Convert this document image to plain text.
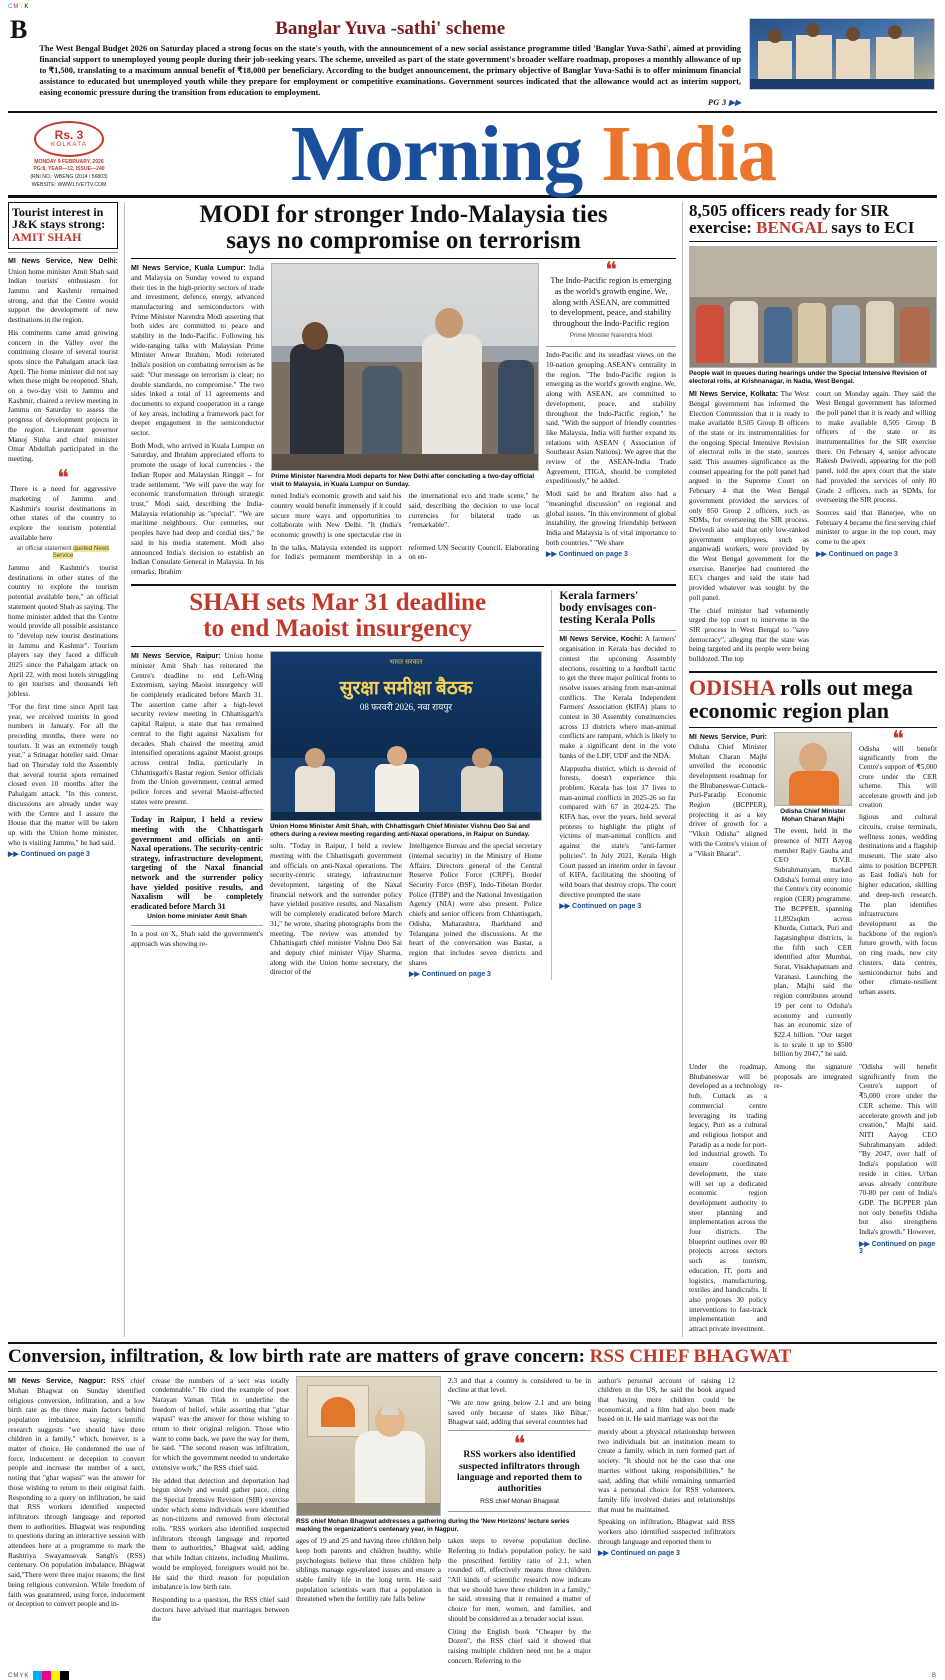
CMYK
B	Banglar Yuva -sathi' scheme

The West Bengal Budget 2026 on Saturday placed a strong focus on the state's youth, with the announcement of a new social assistance programme titled 'Banglar Yuva-Sathi', aimed at providing financial support to unemployed young people during their job-seeking years. The scheme, unveiled as part of the state government's broader welfare roadmap, proposes a monthly allowance of up to ₹1,500, translating to a maximum annual benefit of ₹18,000 per beneficiary. According to the budget announcement, the primary objective of Banglar Yuva-Sathi is to offer minimum financial assistance to educated but unemployed youth while they prepare for employment or competitive examinations. Government sources indicated that the allowance would act as interim support, easing economic pressure during the transition from education to employment.

PG 3 ▶▶
Rs. 3
KOLKATA
MONDAY 9 FEBRUARY, 2026
PG:8, YEAR—12, ISSUE—240
(RNI NO.: WBENG /2014 / 56803)
WEBSITE: WWW.LIVE7TV.COM	Morning India
Tourist interest in
J&K stays strong:
AMIT SHAH

MI News Service, New Delhi: Union home minister Amit Shah said Indian tourists' enthusiasm for Jammu and Kashmir remained strong, and that the Centre would support the development of new destinations in the region.

His comments came amid growing concern in the Valley over the continuing closure of several tourist spots since the Pahalgam attack last April. The home minister did not say when these might be reopened. Shah, on a two-day visit to Jammu and Kashmir, chaired a review meeting in Jammu on Saturday to assess the progress of development projects in the region. Lieutenant governor Manoj Sinha and chief minister Omar Abdullah participated in the meeting.

❝
There is a need for aggressive marketing of Jammu and Kashmir's tourist destinations in other states of the country to explore the tourism potential available here
an official statement quoted News Service

Jammu and Kashmir's tourist destinations in other states of the country to explore the tourism potential available here," an official statement quoted Shah as saying. The home minister added that the Centre would provide all possible assistance to "develop new tourist destinations in Jammu and Kashmir". Tourism players say they faced a difficult 2025 since the Pahalgam attack on April 22, with most hotels struggling to get tourists and thousands left jobless.

"For the first time since April last year, we received tourists in good numbers in January. For all the preceding months, there were no tourists. It was an extremely tough year," a Srinagar hotelier said. Omar had on Thursday told the Assembly that several tourist spots remained closed even 10 months after the Pahalgam attack. "In this context, discussions are already under way with the Centre and I assure the House that the matter will be taken up with the Union home minister, who is visiting Jammu," he had said.

▶▶ Continued on page 3
MODI for stronger Indo-Malaysia ties
says no compromise on terrorism

MI News Service, Kuala Lumpur: India and Malaysia on Sunday vowed to expand their ties in the high-priority sectors of trade and investment, defence, energy, advanced manufacturing and semiconductors with Prime Minister Narendra Modi asserting that both sides are committed to peace and stability in the Indo-Pacific. Following his wide-ranging talks with Malaysian Prime Minister Anwar Ibrahim, Modi reiterated India's position on combating terrorism as he said: "Our message on terrorism is clear; no double standards, no compromise." The two sides inked a total of 11 agreements and documents to expand cooperation in a range of key areas, including a framework pact for deeper engagement in the semiconductor sector.

Both Modi, who arrived in Kuala Lumpur on Saturday, and Ibrahim appreciated efforts to promote the usage of local currencies - the Indian Rupee and Malaysian Ringgit -- for trade settlement. "We will pave the way for economic transformation through strategic trust," Modi said, describing the India-Malaysia relationship as "special". "We are maritime neighbours. Our centuries, our peoples have had deep and cordial ties," he said in his media statement. Modi also announced India's decision to establish an Indian Consulate General in Malaysia. In his remarks, Ibrahim

Prime Minister Narendra Modi departs for New Delhi after concluding a two-day official visit to Malaysia, in Kuala Lumpur on Sunday.

noted India's economic growth and said his country would benefit immensely if it could secure more ways and opportunities to collaborate with New Delhi. "It (India's economic growth) is one spectacular rise in the international eco and trade scene," he said, describing the decision to use local currencies for bilateral trade as "remarkable".

In the talks, Malaysia extended its support for India's permanent membership in a reformed UN Security Council. Elaborating on en-

❝
The Indo-Pacific region is emerging as the world's growth engine. We, along with ASEAN, are committed to development, peace, and stability throughout the Indo-Pacific region
Prime Minister Narendra Modi

Indo-Pacific and its steadfast views on the 10-nation grouping ASEAN's centrality in the region. "The Indo-Pacific region is emerging as the world's growth engine. We, along with ASEAN, are committed to development, peace, and stability throughout the Indo-Pacific region," he said. "With the support of friendly countries like Malaysia, India will further expand its relations with ASEAN ( Association of Southeast Asian Nations). We agree that the review of the ASEAN-India Trade Agreement, ITIGA, should be completed expeditiously," he added.

Modi said he and Ibrahim also had a "meaningful discussion" on regional and global issues. "In this environment of global instability, the growing friendship between India and Malaysia is of vital importance to both countries." "We share

▶▶ Continued on page 3
SHAH sets Mar 31 deadline
to end Maoist insurgency

MI News Service, Raipur: Union home minister Amit Shah has reiterated the Centre's deadline to end Left-Wing Extremism, saying Maoist insurgency will be completely eradicated before March 31. The assertion came after a high-level security review meeting in Chhattisgarh's capital Raipur, a state that has remained central to the fight against Naxalism for decades. Shah chaired the meeting amid intensified operations against Maoist groups across central India, particularly in Chhattisgarh's Bastar region. Senior officials from the Union government, central armed police forces and several Maoist-affected states were present.

Today in Raipur, I held a review meeting with the Chhattisgarh government and officials on anti-Naxal operations. The security-centric strategy, infrastructure development, targeting of the Naxal financial network and the surrender policy have yielded positive results, and Naxalism will be completely eradicated before March 31
Union home minister Amit Shah

In a post on X, Shah said the government's approach was showing re-

भारत सरकार
सुरक्षा समीक्षा बैठक
08 फरवरी 2026, नवा रायपुर
Union Home Minister Amit Shah, with Chhattisgarh Chief Minister Vishnu Deo Sai and others during a review meeting regarding anti-Naxal operations, in Raipur on Sunday.

sults. "Today in Raipur, I held a review meeting with the Chhattisgarh government and officials on anti-Naxal operations. The security-centric strategy, infrastructure development, targeting of the Naxal financial network and the surrender policy have yielded positive results, and Naxalism will be completely eradicated before March 31," he wrote, sharing photographs from the meeting. The review was attended by Chhattisgarh chief minister Vishnu Deo Sai and deputy chief minister Vijay Sharma, along with the Union home secretary, the director of the

Intelligence Bureau and the special secretary (internal security) in the Ministry of Home Affairs. Directors general of the Central Reserve Police Force (CRPF), Border Security Force (BSF), Indo-Tibetan Border Police (ITBP) and the National Investigation Agency (NIA) were also present. Police chiefs and senior officers from Chhattisgarh, Odisha, Maharashtra, Jharkhand and Telangana joined the discussions. At the heart of the conversation was Bastar, a region that includes seven districts and shares

▶▶ Continued on page 3
Kerala farmers'
body envisages con-
testing Kerala Polls

MI News Service, Kochi: A farmers' organisation in Kerala has decided to contest the upcoming Assembly elections, resorting to a hardball tactic to get the three major political fronts to resolve issues arising from man-animal conflicts. The Kerala Independent Farmers' Association (KIFA) plans to contest in 30 Assembly constituencies across 13 districts where man-animal conflicts are rampant, which is likely to make a significant dent in the vote banks of the LDF, UDF and the NDA.

Alappuzha district, which is devoid of forests, doesn't experience this problem. Kerala has lost 17 lives to man-animal conflicts in 2025-26 so far compared with 67 in 2024-25. The KIFA has, over the years, held several protests to highlight the plight of victims of man-animal conflicts and against the state's "anti-farmer policies". In July 2021, Kerala High Court passed an interim order in favour of KIFA, facilitating the shooting of wild boars that destroy crops. The court directive prompted the state

▶▶ Continued on page 3
8,505 officers ready for SIR
exercise: BENGAL says to ECI
People wait in queues during hearings under the Special Intensive Revision of electoral rolls, at Krishnanagar, in Nadia, West Bengal.

MI News Service, Kolkata: The West Bengal government has informed the Election Commission that it is ready to make available 8,505 Group B officers of the state or its instrumentalities for the ongoing Special Intensive Revision of electoral rolls in the state, sources said. This assumes significance as the counsel appearing for the poll panel had argued in the Supreme Court on February 4 that the West Bengal government provided the services of only 850 Group 2 officers, such as SDMs, for overseeing the SIR process. Dwivedi also said that only low-ranked government employees, such as anganwadi workers, were provided by the West Bengal government for the exercise. Banerjee had countered the EC's charges and said the state had provided whatever was sought by the poll panel.

The chief minister had vehemently urged the top court to intervene in the SIR process in West Bengal to "save democracy", alleging that the state was being targeted and its people were being bulldozed. The top

court on Monday again. They said the West Bengal government has informed the poll panel that it is ready and willing to make available 8,505 Group B officers of the state or its instrumentalities for the SIR exercise there. On February 4, senior advocate Rakesh Dwivedi, appearing for the poll panel, told the apex court that the state had provided the services of only 80 Grade 2 officers, such as SDMs, for overseeing the SIR process.

Sources said that Banerjee, who on February 4 became the first serving chief minister to argue in the top court, may come to the apex

▶▶ Continued on page 3
ODISHA rolls out mega
economic region plan

MI News Service, Puri: Odisha Chief Minister Mohan Charan Majhi unveiled the economic development roadmap for the Bhubaneswar-Cuttack-Puri-Paradip Economic Region (BCPPER), projecting it as a key driver of growth for a "Viksit Odisha" aligned with the Centre's vision of a "Viksit Bharat".

Odisha Chief Minister Mohan Charan Majhi

The event, held in the presence of NITI Aayog member Rajiv Gauba and CEO B.V.R. Subrahmanyam, marked Odisha's formal entry into the Centre's city economic region (CER) programme. The BCPPER, spanning 11,892sqkm across Khurda, Cuttack, Puri and Jagatsinghpur districts, is the fifth such CER identified after Mumbai, Surat, Visakhapatnam and Varanasi. Launching the plan, Majhi said the region contributes around 19 per cent to Odisha's economy and currently has an economic size of $22.4 billion. "Our target is to scale it up to $500 billion by 2047," he said.

❝
Odisha will benefit significantly from the Centre's support of ₹5,000 crore under the CER scheme. This will accelerate growth and job creation

ligious and cultural circuits, cruise terminals, wellness zones, wedding destinations and a flagship museum. The state also aims to position BCPPER as East India's hub for higher education, skilling and deep-tech research. The plan identifies infrastructure development as the backbone of the region's future growth, with focus on ring roads, new city clusters, data centres, semiconductor hubs and other climate-resilient urban assets.

Under the roadmap, Bhubaneswar will be developed as a technology hub, Cuttack as a commercial centre leveraging its trading legacy, Puri as a cultural and religious hotspot and Paradip as a node for port-led industrial growth. To ensure coordinated development, the state will set up a dedicated economic region development authority to steer planning and implementation across the four districts. The blueprint outlines over 80 projects across sectors such as tourism, education, IT, ports and logistics, manufacturing, textiles and handicrafts. It also proposes 30 policy interventions to fast-track implementation and attract private investment.

Among the signature proposals are integrated re-

"Odisha will benefit significantly from the Centre's support of ₹5,000 crore under the CER scheme. This will accelerate growth and job creation," Majhi said. NITI Aayog CEO Subrahmanyam added: "By 2047, over half of India's population will reside in cities. Urban areas already contribute 70-80 per cent of India's GDP. The BCPPER plan not only benefits Odisha but also strengthens India's growth." However,

▶▶ Continued on page 3
Conversion, infiltration, & low birth rate are matters of grave concern: RSS CHIEF BHAGWAT

MI News Service, Nagpur: RSS chief Mohan Bhagwat on Sunday identified religious conversion, infiltration, and a low birth rate as the three main factors behind population imbalance, saying scientific research suggests "we should have three children in a family," which, however, is a matter of choice. He condemned the use of force, inducement or deception to convert people and increase the number of a sect, noting that "ghar wapasi" was the answer for those wishing to return to their original faith. Responding to a query on infiltration, he said that RSS workers identified suspected infiltrators through language and reported them to authorities. Bhagwat was responding to questions during an interactive session with attendees here at a programme to mark the Rashtriya Swayamsevak Sangh's (RSS) centenary. On population imbalance, Bhagwat said,"There were three major reasons; the first being religious conversion. While freedom of faith was guaranteed, using force, inducement or deception to convert people and in-

crease the numbers of a sect was totally condemnable." He cited the example of poet Narayan Vaman Tilak to underline the freedom of belief, while asserting that "ghar wapasi" was the answer for those wishing to return to their original religion. Those who want to come back, we pave the way for them, he said. "The second reason was infiltration, for which the government needed to undertake extensive work," the RSS chief said.

He added that detection and deportation had begun slowly and would gather pace, citing the Special Intensive Revision (SIR) exercise under which some individuals were identified as non-citizens and removed from electoral rolls. "RSS workers also identified suspected infiltrators through language and reported them to authorities," Bhagwat said, adding that while Indian citizens, including Muslims, would be employed, foreigners would not be. He said the third reason for population imbalance is low birth rate.

Responding to a question, the RSS chief said doctors have advised that marriages between the

2.3 and that a country is considered to be in decline at that level.

"We are now going below 2.1 and are being saved only because of states like Bihar," Bhagwat said, adding that several countries had

❝
RSS workers also identified suspected infiltrators through language and reported them to authorities
RSS chief Mohan Bhagwat
RSS chief Mohan Bhagwat addresses a gathering during the 'New Horizons' lecture series marking the organization's centenary year, in Nagpur.

ages of 19 and 25 and having three children help keep both parents and children healthy, while psychologists believe that three children help siblings manage ego-related issues and ensure a stable family life in the long term. He said population scientists warn that a population is threatened when the fertility rate falls below

taken steps to reverse population decline. Referring to India's population policy, he said the prescribed fertility ratio of 2.1, when rounded off, effectively means three children. "All kinds of scientific research now indicate that we should have three children in a family," he said, stressing that it remained a matter of choice for men, women, and families, and should be considered as a broader social issue.

Citing the English book "Cheaper by the Dozen", the RSS chief said it showed that raising multiple children need not be a major concern. Referring to the

author's personal account of raising 12 children in the US, he said the book argued that having more children could be economical, and a film had also been made based on it. He said marriage was not the

merely about a physical relationship between two individuals but an institution meant to create a family, which in turn formed part of society. "It should not be the case that one marries without taking responsibilities," he said, adding that while remaining unmarried was a personal choice for RSS volunteers, family life involved duties and relationships that must be maintained.

Speaking on infiltration, Bhagwat said RSS workers also identified suspected infiltrators through language and reported them to

▶▶ Continued on page 3
CMYK	B
